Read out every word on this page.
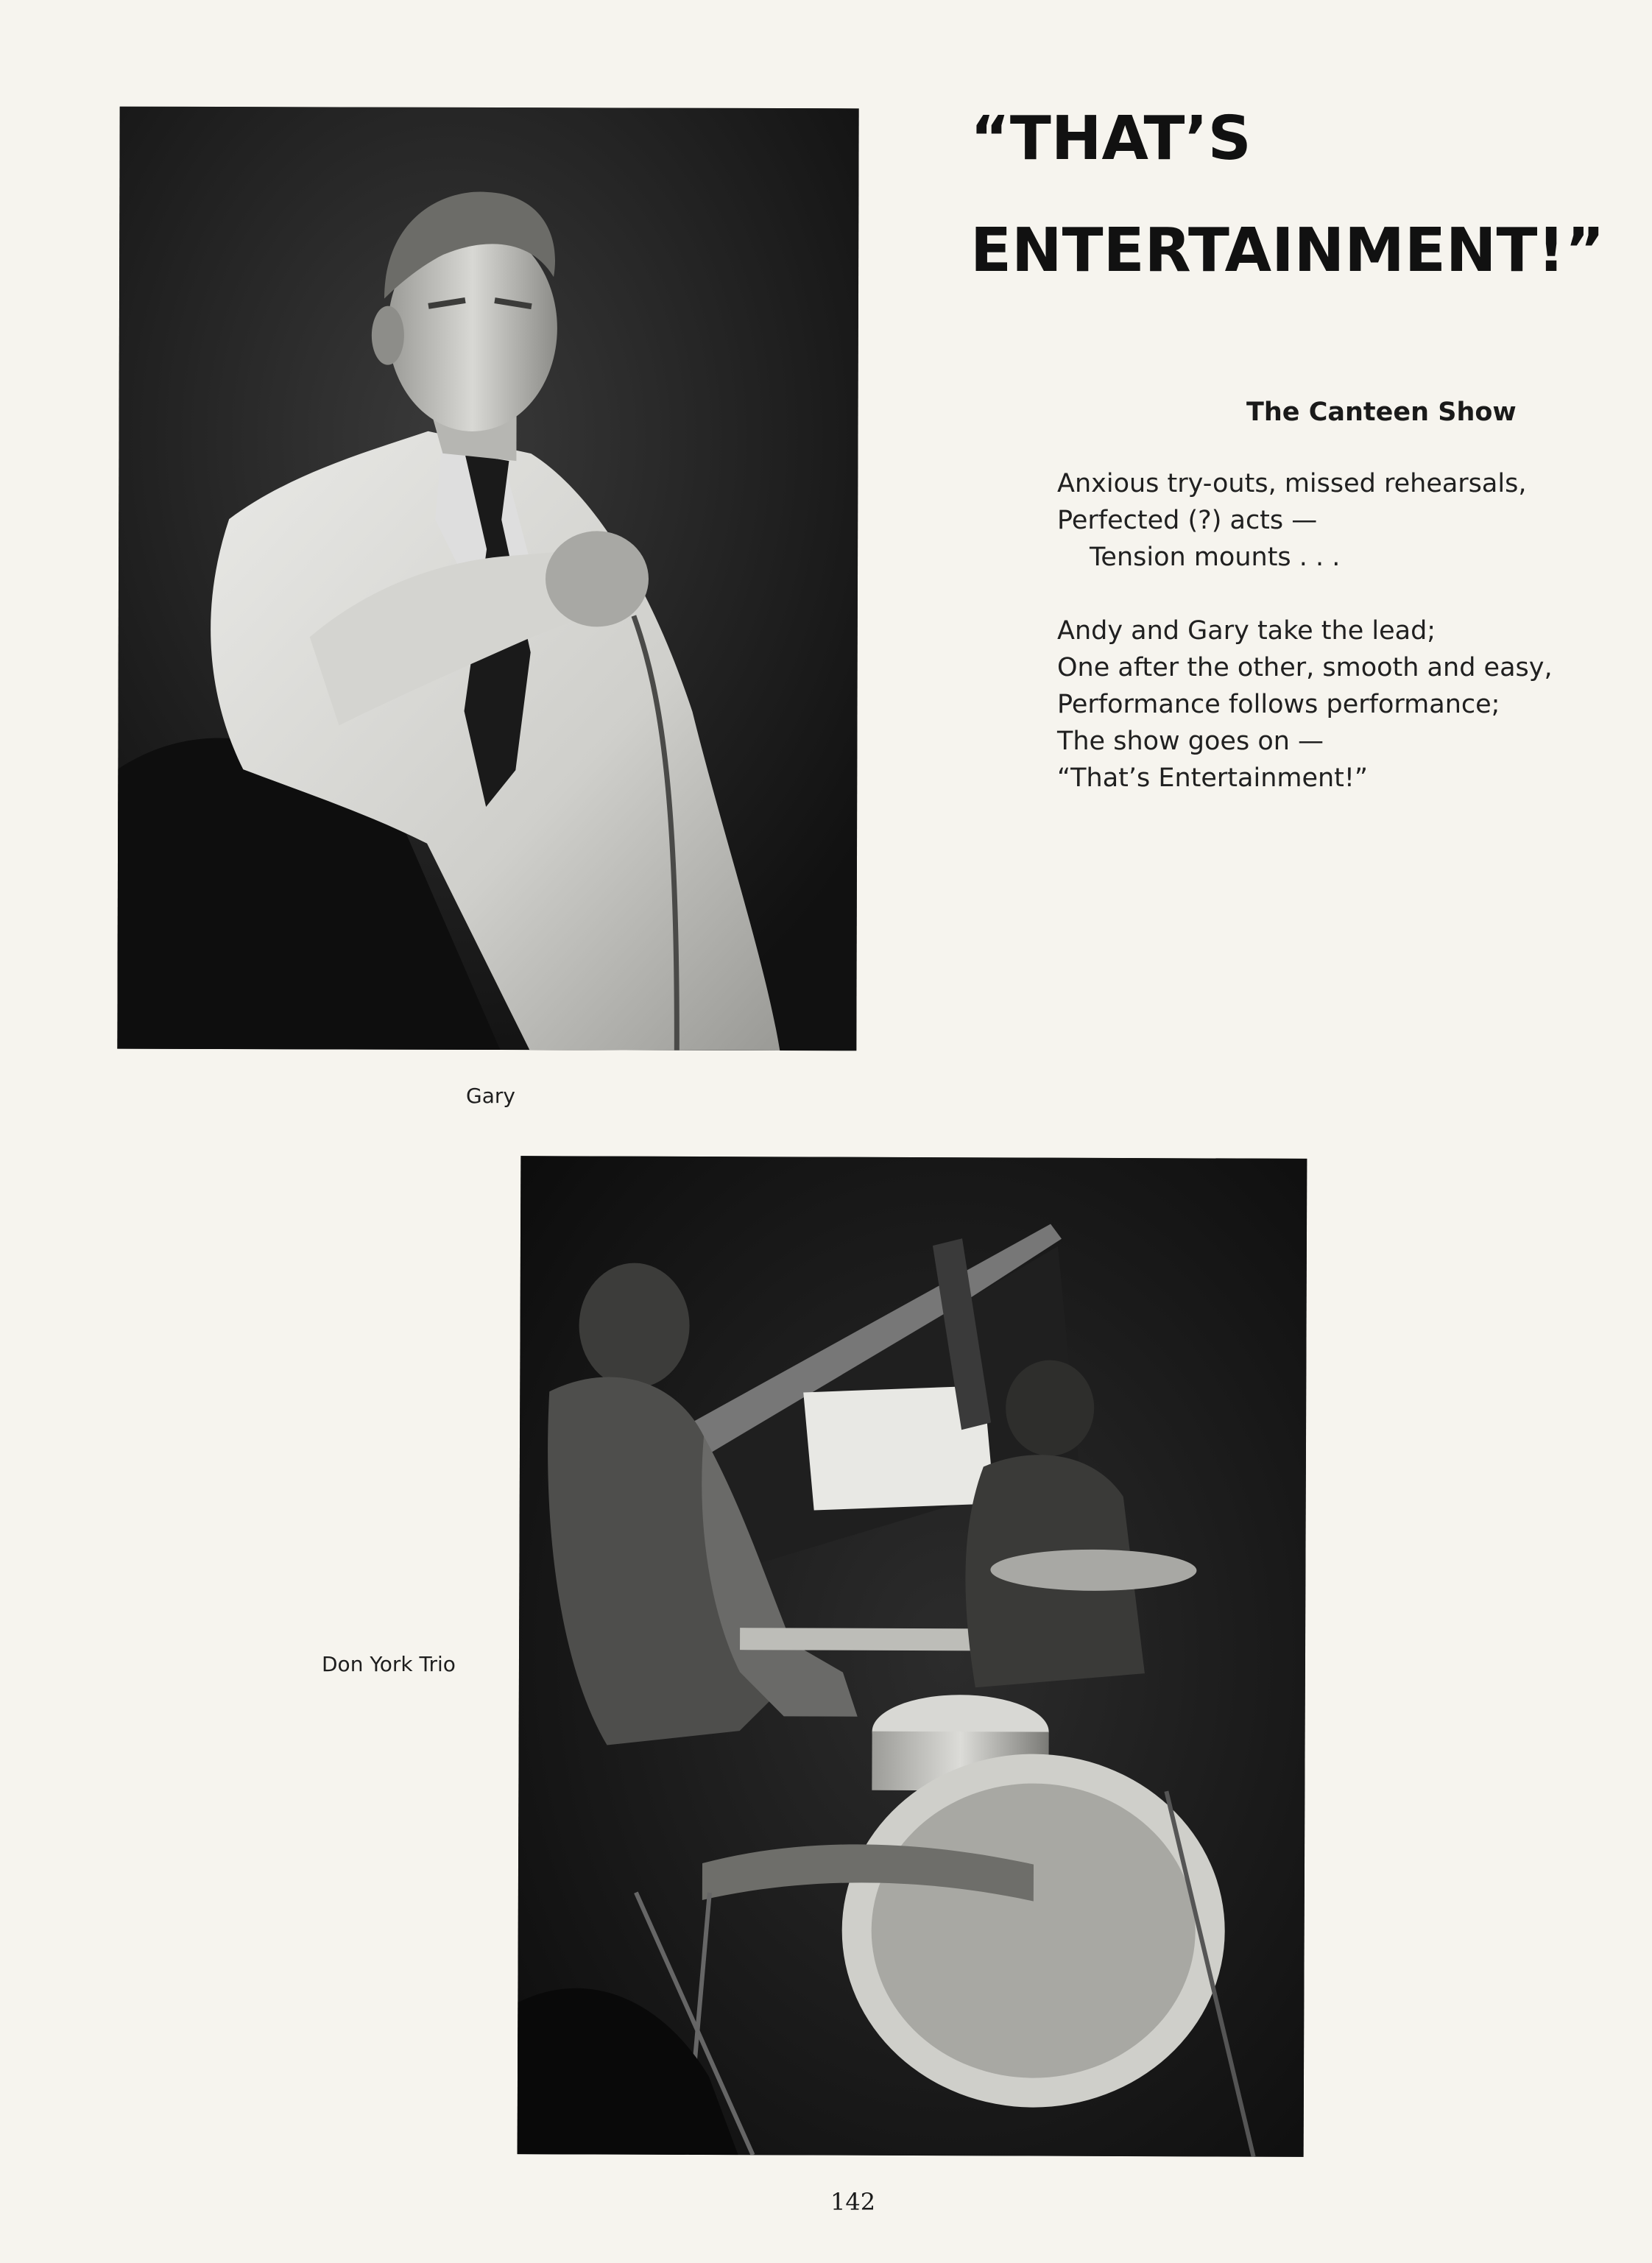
“THAT’S
ENTERTAINMENT!”
The Canteen Show
Anxious try-outs, missed rehearsals,
Perfected (?) acts —
Tension mounts . . .
Andy and Gary take the lead;
One after the other, smooth and easy,
Performance follows performance;
The show goes on —
“That’s Entertainment!”
Gary
Don York Trio
142
